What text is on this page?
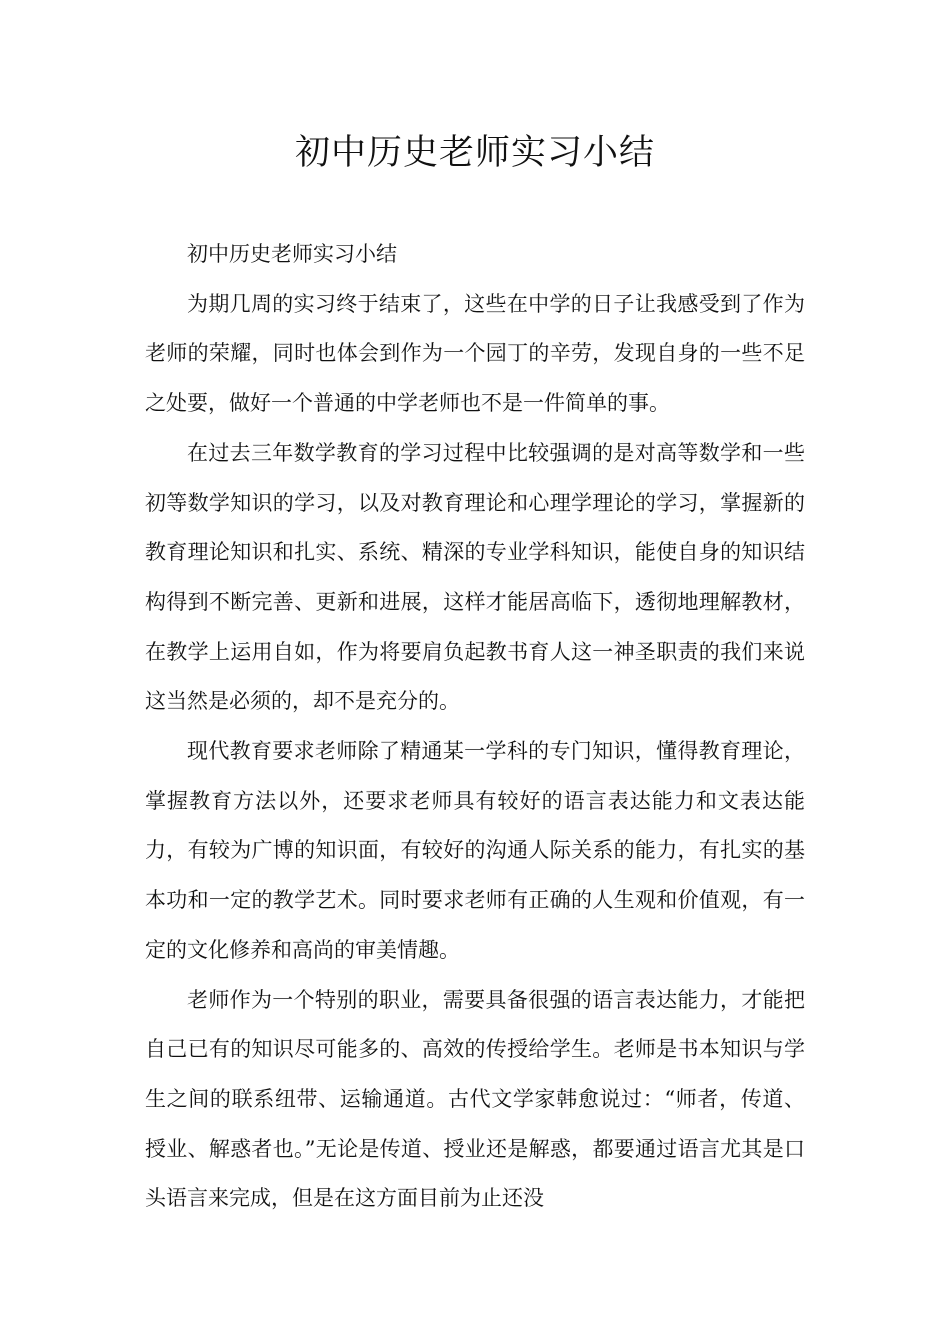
初中历史老师实习小结

初中历史老师实习小结

为期几周的实习终于结束了，这些在中学的日子让我感受到了作为老师的荣耀，同时也体会到作为一个园丁的辛劳，发现自身的一些不足之处要，做好一个普通的中学老师也不是一件简单的事。

在过去三年数学教育的学习过程中比较强调的是对高等数学和一些初等数学知识的学习，以及对教育理论和心理学理论的学习，掌握新的教育理论知识和扎实、系统、精深的专业学科知识，能使自身的知识结构得到不断完善、更新和进展，这样才能居高临下，透彻地理解教材，在教学上运用自如，作为将要肩负起教书育人这一神圣职责的我们来说这当然是必须的，却不是充分的。

现代教育要求老师除了精通某一学科的专门知识，懂得教育理论，掌握教育方法以外，还要求老师具有较好的语言表达能力和文表达能力，有较为广博的知识面，有较好的沟通人际关系的能力，有扎实的基本功和一定的教学艺术。同时要求老师有正确的人生观和价值观，有一定的文化修养和高尚的审美情趣。

老师作为一个特别的职业，需要具备很强的语言表达能力，才能把自己已有的知识尽可能多的、高效的传授给学生。老师是书本知识与学生之间的联系纽带、运输通道。古代文学家韩愈说过：“师者，传道、授业、解惑者也。”无论是传道、授业还是解惑，都要通过语言尤其是口头语言来完成，但是在这方面目前为止还没
